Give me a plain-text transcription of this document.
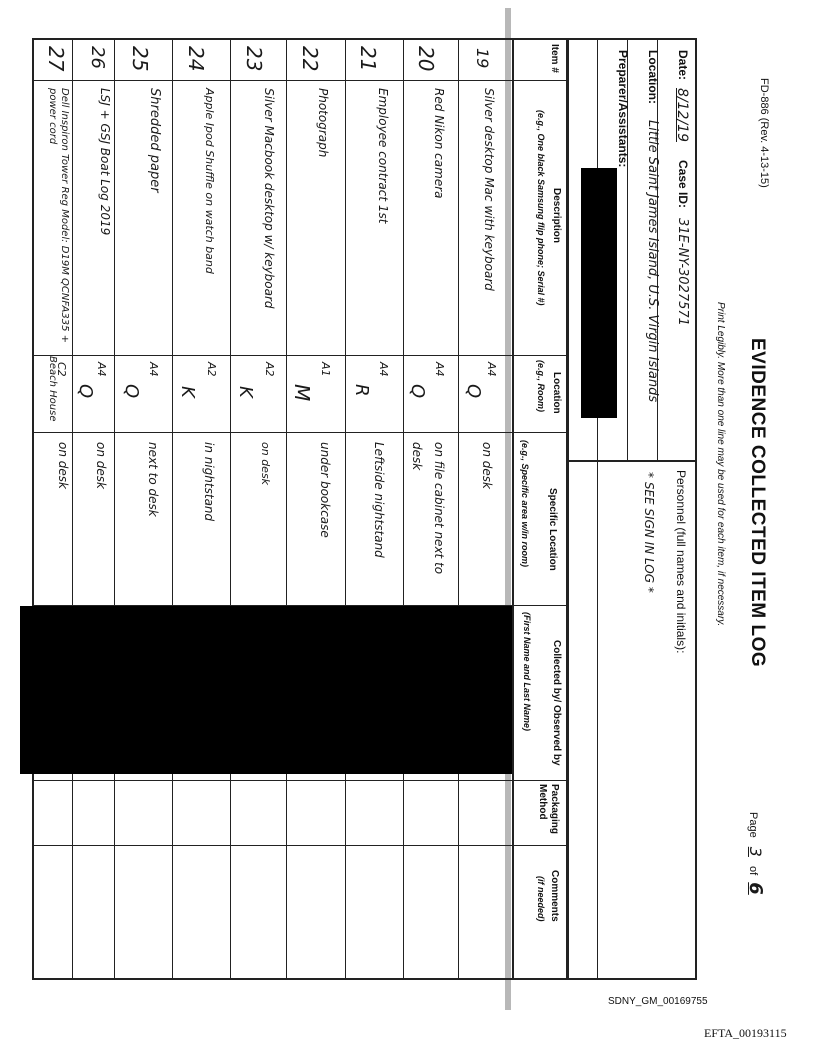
FD-886 (Rev. 4-13-15)
EVIDENCE COLLECTED ITEM LOG
Print Legibly. More than one line may be used for each item, if necessary.
Page 3 of 6
Date:
8/12/19
Case ID:
31E-NY-3027571
Location:
Little Saint James Island, U.S. Virgin Islands
Preparer/Assistants:
Personnel (full names and initials):
* SEE SIGN IN LOG *
Item #
Description
(e.g., One black Samsung flip phone; Serial #)
Location
(e.g., Room)
Specific Location
(e.g., Specific area w/in room)
Collected by/ Observed by
(First Name and Last Name)
Packaging Method
Comments
(if needed)
19
20
21
22
23
24
25
26
27
Silver desktop Mac with keyboard
Red Nikon camera
Employee contract 1st
Photograph
Silver Macbook desktop w/ keyboard
Apple Ipod Shuffle on watch band
Shredded paper
LSJ + GSJ Boat Log 2019
Dell Inspiron Tower Reg Model: D19M QCNFA335 + power cord
A4
A4
A4
A1
A2
A2
A4
A4
C2
Q
Q
R
M
K
K
Q
Q
Beach House
on desk
on file cabinet next to desk
Leftside nightstand
under bookcase
on desk
in nightstand
next to desk
on desk
on desk
SDNY_GM_00169755
EFTA_00193115
